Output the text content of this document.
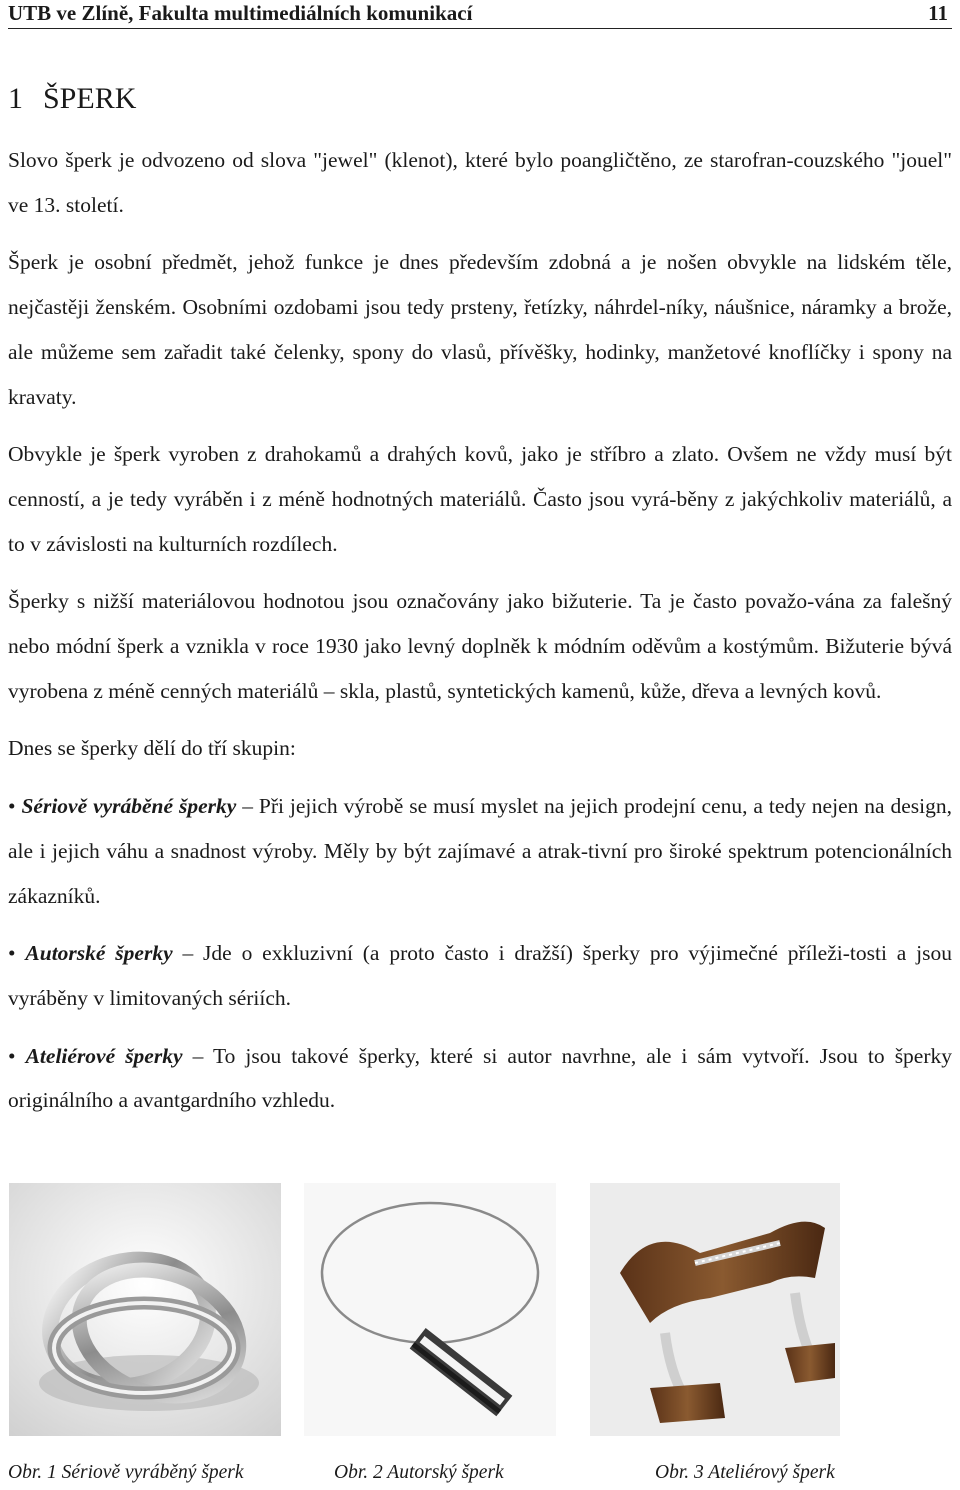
UTB ve Zlíně, Fakulta multimediálních komunikací	11
1 ŠPERK

Slovo šperk je odvozeno od slova "jewel" (klenot), které bylo poangličtěno, ze starofran-couzského "jouel" ve 13. století.

Šperk je osobní předmět, jehož funkce je dnes především zdobná a je nošen obvykle na lidském těle, nejčastěji ženském. Osobními ozdobami jsou tedy prsteny, řetízky, náhrdel-níky, náušnice, náramky a brože, ale můžeme sem zařadit také čelenky, spony do vlasů, přívěšky, hodinky, manžetové knoflíčky i spony na kravaty.

Obvykle je šperk vyroben z drahokamů a drahých kovů, jako je stříbro a zlato. Ovšem ne vždy musí být cenností, a je tedy vyráběn i z méně hodnotných materiálů. Často jsou vyrá-běny z jakýchkoliv materiálů, a to v závislosti na kulturních rozdílech.

Šperky s nižší materiálovou hodnotou jsou označovány jako bižuterie. Ta je často považo-vána za falešný nebo módní šperk a vznikla v roce 1930 jako levný doplněk k módním oděvům a kostýmům. Bižuterie bývá vyrobena z méně cenných materiálů – skla, plastů, syntetických kamenů, kůže, dřeva a levných kovů.

Dnes se šperky dělí do tří skupin:

• Sériově vyráběné šperky – Při jejich výrobě se musí myslet na jejich prodejní cenu, a tedy nejen na design, ale i jejich váhu a snadnost výroby. Měly by být zajímavé a atrak-tivní pro široké spektrum potencionálních zákazníků.
• Autorské šperky – Jde o exkluzivní (a proto často i dražší) šperky pro výjimečné příleži-tosti a jsou vyráběny v limitovaných sériích.
• Ateliérové šperky – To jsou takové šperky, které si autor navrhne, ale i sám vytvoří. Jsou to šperky originálního a avantgardního vzhledu.
Obr. 1 Sériově vyráběný šperk	Obr. 2 Autorský šperk	Obr. 3 Ateliérový šperk
